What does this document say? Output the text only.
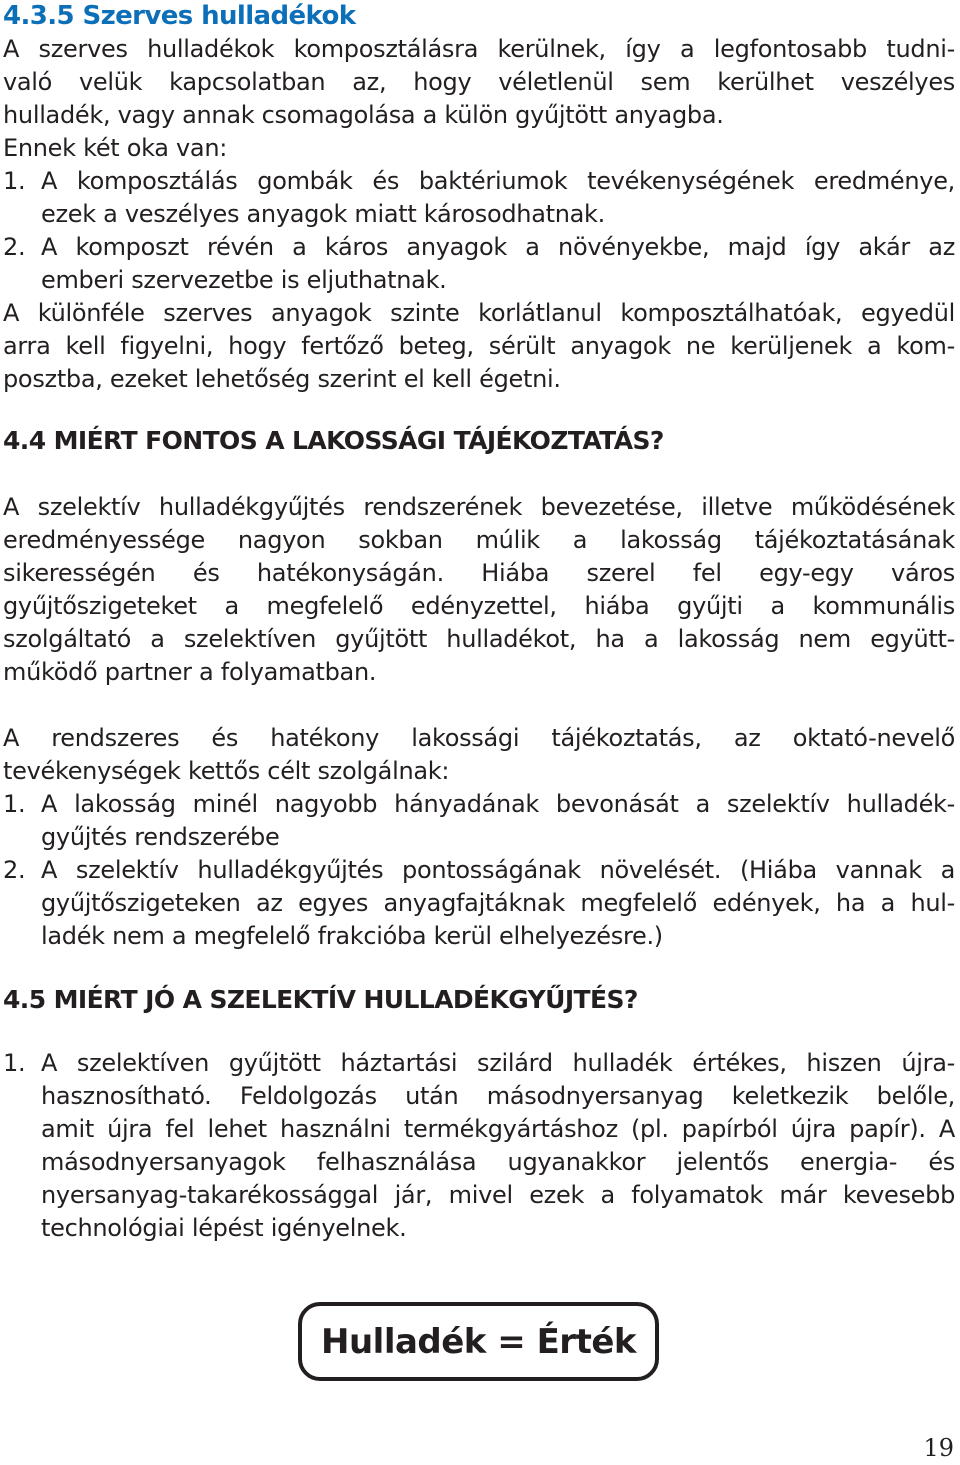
4.3.5 Szerves hulladékok
A szerves hulladékok komposztálásra kerülnek, így a legfontosabb tudni-
való velük kapcsolatban az, hogy véletlenül sem kerülhet veszélyes
hulladék, vagy annak csomagolása a külön gyűjtött anyagba.
Ennek két oka van:
1. A komposztálás gombák és baktériumok tevékenységének eredménye,
ezek a veszélyes anyagok miatt károsodhatnak.
2. A komposzt révén a káros anyagok a növényekbe, majd így akár az
emberi szervezetbe is eljuthatnak.
A különféle szerves anyagok szinte korlátlanul komposztálhatóak, egyedül
arra kell figyelni, hogy fertőző beteg, sérült anyagok ne kerüljenek a kom-
posztba, ezeket lehetőség szerint el kell égetni.
4.4 MIÉRT FONTOS A LAKOSSÁGI TÁJÉKOZTATÁS?
A szelektív hulladékgyűjtés rendszerének bevezetése, illetve működésének
eredményessége nagyon sokban múlik a lakosság tájékoztatásának
sikerességén és hatékonyságán. Hiába szerel fel egy-egy város
gyűjtőszigeteket a megfelelő edényzettel, hiába gyűjti a kommunális
szolgáltató a szelektíven gyűjtött hulladékot, ha a lakosság nem együtt-
működő partner a folyamatban.
A rendszeres és hatékony lakossági tájékoztatás, az oktató-nevelő
tevékenységek kettős célt szolgálnak:
1. A lakosság minél nagyobb hányadának bevonását a szelektív hulladék-
gyűjtés rendszerébe
2. A szelektív hulladékgyűjtés pontosságának növelését. (Hiába vannak a
gyűjtőszigeteken az egyes anyagfajtáknak megfelelő edények, ha a hul-
ladék nem a megfelelő frakcióba kerül elhelyezésre.)
4.5 MIÉRT JÓ A SZELEKTÍV HULLADÉKGYŰJTÉS?
1. A szelektíven gyűjtött háztartási szilárd hulladék értékes, hiszen újra-
hasznosítható. Feldolgozás után másodnyersanyag keletkezik belőle,
amit újra fel lehet használni termékgyártáshoz (pl. papírból újra papír). A
másodnyersanyagok felhasználása ugyanakkor jelentős energia- és
nyersanyag-takarékossággal jár, mivel ezek a folyamatok már kevesebb
technológiai lépést igényelnek.
Hulladék = Érték
19
